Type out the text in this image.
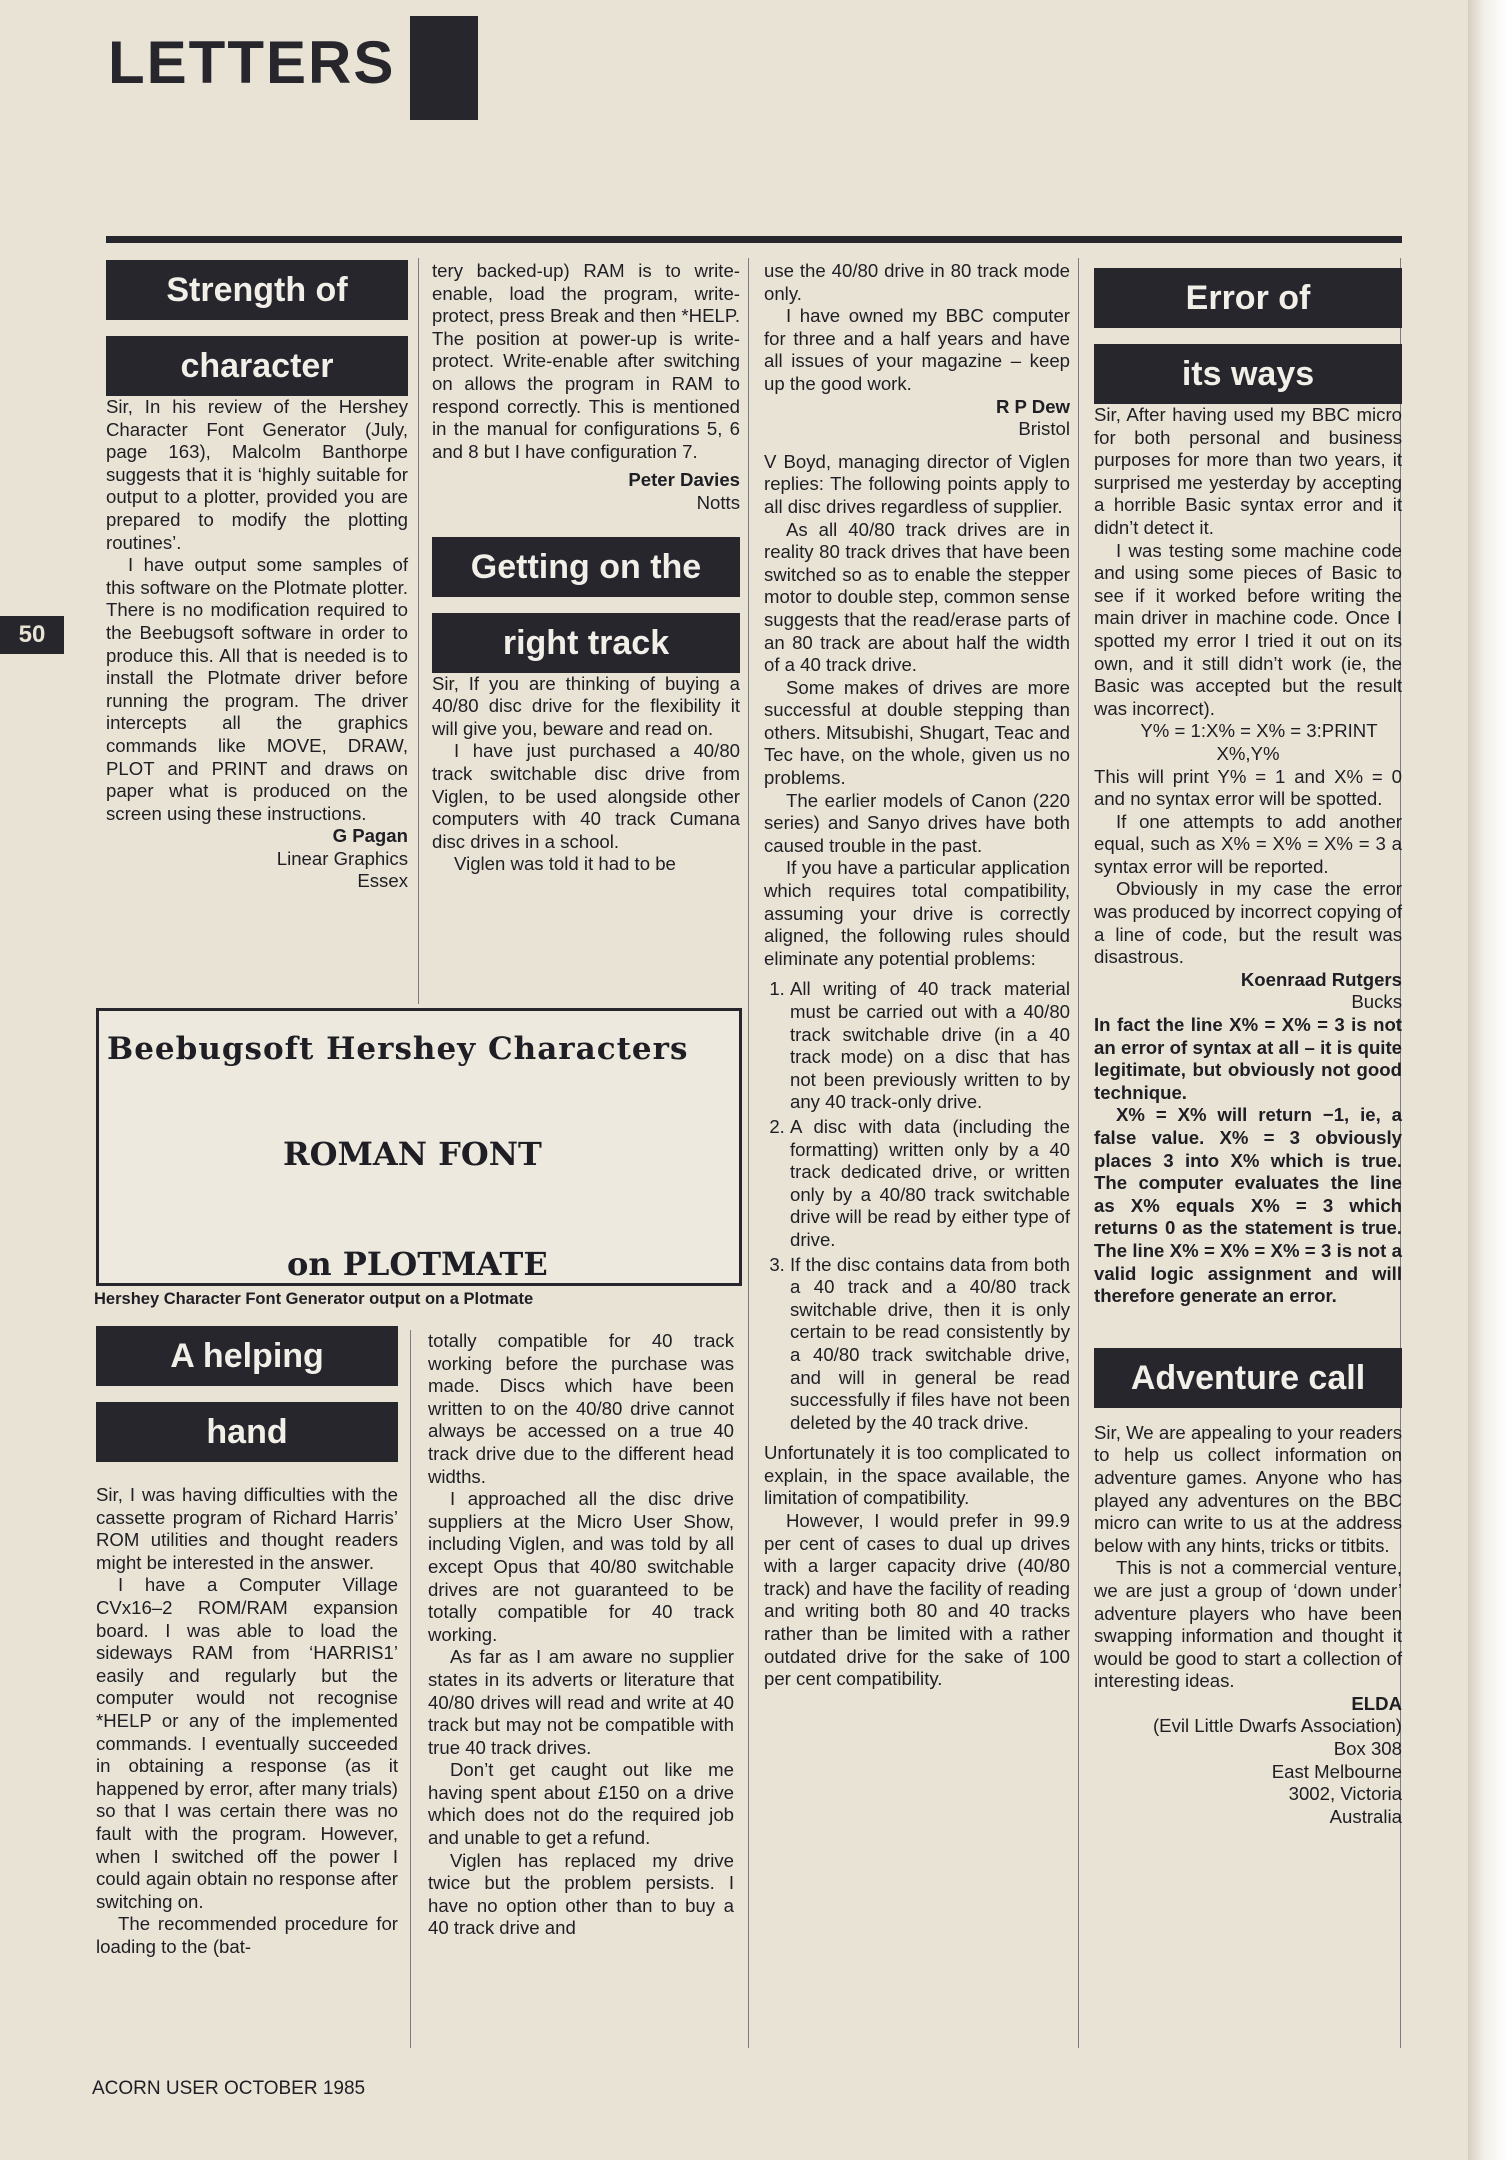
LETTERS
50
Strength of
character

Sir, In his review of the Hershey Character Font Generator (July, page 163), Malcolm Banthorpe suggests that it is ‘highly suitable for output to a plotter, provided you are prepared to modify the plotting routines’.

I have output some samples of this software on the Plotmate plotter. There is no modification required to the Beebugsoft software in order to produce this. All that is needed is to install the Plotmate driver before running the program. The driver intercepts all the graphics commands like MOVE, DRAW, PLOT and PRINT and draws on paper what is produced on the screen using these instructions.

G Pagan

Linear Graphics

Essex

tery backed-up) RAM is to write-enable, load the program, write-protect, press Break and then *HELP. The position at power-up is write-protect. Write-enable after switching on allows the program in RAM to respond correctly. This is mentioned in the manual for configurations 5, 6 and 8 but I have configuration 7.

Peter Davies

Notts

Getting on the
right track

Sir, If you are thinking of buying a 40/80 disc drive for the flexibility it will give you, beware and read on.

I have just purchased a 40/80 track switchable disc drive from Viglen, to be used alongside other computers with 40 track Cumana disc drives in a school.

Viglen was told it had to be

Beebugsoft Hershey Characters
ROMAN FONT
on PLOTMATE
Hershey Character Font Generator output on a Plotmate
A helping
hand

Sir, I was having difficulties with the cassette program of Richard Harris’ ROM utilities and thought readers might be interested in the answer.

I have a Computer Village CVx16–2 ROM/RAM expansion board. I was able to load the sideways RAM from ‘HARRIS1’ easily and regularly but the computer would not recognise *HELP or any of the implemented commands. I eventually succeeded in obtaining a response (as it happened by error, after many trials) so that I was certain there was no fault with the program. However, when I switched off the power I could again obtain no response after switching on.

The recommended procedure for loading to the (bat-

totally compatible for 40 track working before the purchase was made. Discs which have been written to on the 40/80 drive cannot always be accessed on a true 40 track drive due to the different head widths.

I approached all the disc drive suppliers at the Micro User Show, including Viglen, and was told by all except Opus that 40/80 switchable drives are not guaranteed to be totally compatible for 40 track working.

As far as I am aware no supplier states in its adverts or literature that 40/80 drives will read and write at 40 track but may not be compatible with true 40 track drives.

Don’t get caught out like me having spent about £150 on a drive which does not do the required job and unable to get a refund.

Viglen has replaced my drive twice but the problem persists. I have no option other than to buy a 40 track drive and

use the 40/80 drive in 80 track mode only.

I have owned my BBC computer for three and a half years and have all issues of your magazine – keep up the good work.

R P Dew

Bristol

V Boyd, managing director of Viglen replies: The following points apply to all disc drives regardless of supplier.

As all 40/80 track drives are in reality 80 track drives that have been switched so as to enable the stepper motor to double step, common sense suggests that the read/erase parts of an 80 track are about half the width of a 40 track drive.

Some makes of drives are more successful at double stepping than others. Mitsubishi, Shugart, Teac and Tec have, on the whole, given us no problems.

The earlier models of Canon (220 series) and Sanyo drives have both caused trouble in the past.

If you have a particular application which requires total compatibility, assuming your drive is correctly aligned, the following rules should eliminate any potential problems:

1. All writing of 40 track material must be carried out with a 40/80 track switchable drive (in a 40 track mode) on a disc that has not been previously written to by any 40 track-only drive.
2. A disc with data (including the formatting) written only by a 40 track dedicated drive, or written only by a 40/80 track switchable drive will be read by either type of drive.
3. If the disc contains data from both a 40 track and a 40/80 track switchable drive, then it is only certain to be read consistently by a 40/80 track switchable drive, and will in general be read successfully if files have not been deleted by the 40 track drive.

Unfortunately it is too complicated to explain, in the space available, the limitation of compatibility.

However, I would prefer in 99.9 per cent of cases to dual up drives with a larger capacity drive (40/80 track) and have the facility of reading and writing both 80 and 40 tracks rather than be limited with a rather outdated drive for the sake of 100 per cent compatibility.

Error of
its ways

Sir, After having used my BBC micro for both personal and business purposes for more than two years, it surprised me yesterday by accepting a horrible Basic syntax error and it didn’t detect it.

I was testing some machine code and using some pieces of Basic to see if it worked before writing the main driver in machine code. Once I spotted my error I tried it out on its own, and it still didn’t work (ie, the Basic was accepted but the result was incorrect).

Y% = 1:X% = X% = 3:PRINT
X%,Y%

This will print Y% = 1 and X% = 0 and no syntax error will be spotted.

If one attempts to add another equal, such as X% = X% = X% = 3 a syntax error will be reported.

Obviously in my case the error was produced by incorrect copying of a line of code, but the result was disastrous.

Koenraad Rutgers

Bucks

In fact the line X% = X% = 3 is not an error of syntax at all – it is quite legitimate, but obviously not good technique.

X% = X% will return −1, ie, a false value. X% = 3 obviously places 3 into X% which is true. The computer evaluates the line as X% equals X% = 3 which returns 0 as the statement is true. The line X% = X% = X% = 3 is not a valid logic assignment and will therefore generate an error.

Adventure call

Sir, We are appealing to your readers to help us collect information on adventure games. Anyone who has played any adventures on the BBC micro can write to us at the address below with any hints, tricks or titbits.

This is not a commercial venture, we are just a group of ‘down under’ adventure players who have been swapping information and thought it would be good to start a collection of interesting ideas.

ELDA

(Evil Little Dwarfs Association)

Box 308

East Melbourne

3002, Victoria

Australia

ACORN USER OCTOBER 1985
